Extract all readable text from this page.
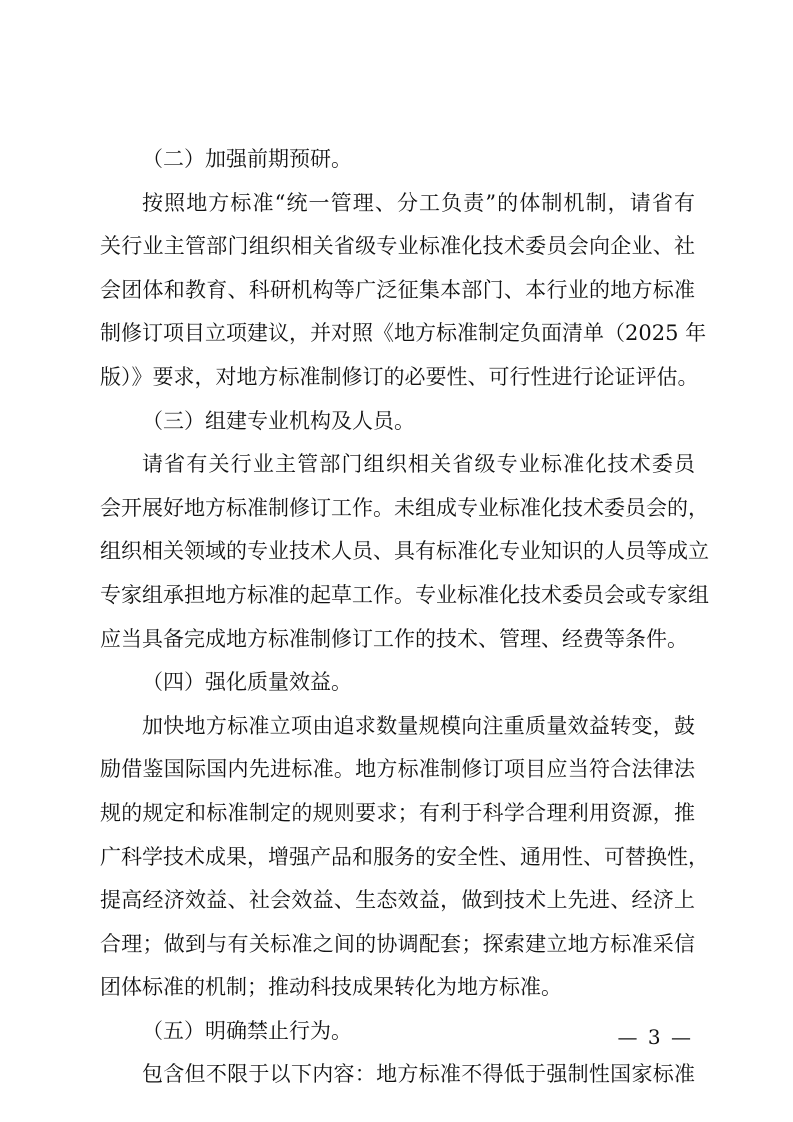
（二）加强前期预研。
按照地方标准“统一管理、分工负责”的体制机制，请省有
关行业主管部门组织相关省级专业标准化技术委员会向企业、社
会团体和教育、科研机构等广泛征集本部门、本行业的地方标准
制修订项目立项建议，并对照《地方标准制定负面清单（2025 年
版）》要求，对地方标准制修订的必要性、可行性进行论证评估。
（三）组建专业机构及人员。
请省有关行业主管部门组织相关省级专业标准化技术委员
会开展好地方标准制修订工作。未组成专业标准化技术委员会的，
组织相关领域的专业技术人员、具有标准化专业知识的人员等成立
专家组承担地方标准的起草工作。专业标准化技术委员会或专家组
应当具备完成地方标准制修订工作的技术、管理、经费等条件。
（四）强化质量效益。
加快地方标准立项由追求数量规模向注重质量效益转变，鼓
励借鉴国际国内先进标准。地方标准制修订项目应当符合法律法
规的规定和标准制定的规则要求；有利于科学合理利用资源，推
广科学技术成果，增强产品和服务的安全性、通用性、可替换性，
提高经济效益、社会效益、生态效益，做到技术上先进、经济上
合理；做到与有关标准之间的协调配套；探索建立地方标准采信
团体标准的机制；推动科技成果转化为地方标准。
（五）明确禁止行为。
包含但不限于以下内容：地方标准不得低于强制性国家标准
— 3 —
